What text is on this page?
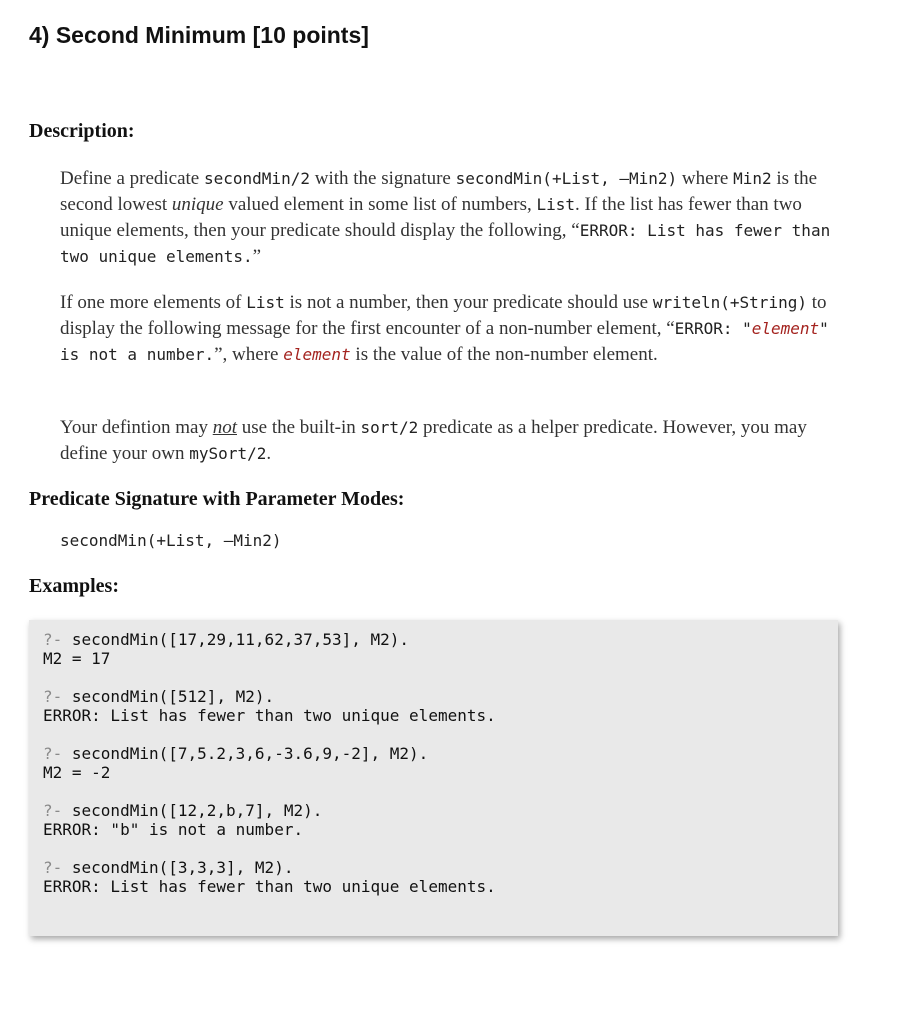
4) Second Minimum [10 points]
Description:

Define a predicate secondMin/2 with the signature secondMin(+List, –Min2) where Min2 is the second lowest unique valued element in some list of numbers, List. If the list has fewer than two unique elements, then your predicate should display the following, “ERROR: List has fewer than two unique elements.”

If one more elements of List is not a number, then your predicate should use writeln(+String) to display the following message for the first encounter of a non-number element, “ERROR: "element" is not a number.”, where element is the value of the non-number element.

Your defintion may not use the built-in sort/2 predicate as a helper predicate. However, you may define your own mySort/2.

Predicate Signature with Parameter Modes:
secondMin(+List, –Min2)
Examples:
?- secondMin([17,29,11,62,37,53], M2).
M2 = 17
?- secondMin([512], M2).
ERROR: List has fewer than two unique elements.
?- secondMin([7,5.2,3,6,-3.6,9,-2], M2).
M2 = -2
?- secondMin([12,2,b,7], M2).
ERROR: "b" is not a number.
?- secondMin([3,3,3], M2).
ERROR: List has fewer than two unique elements.
